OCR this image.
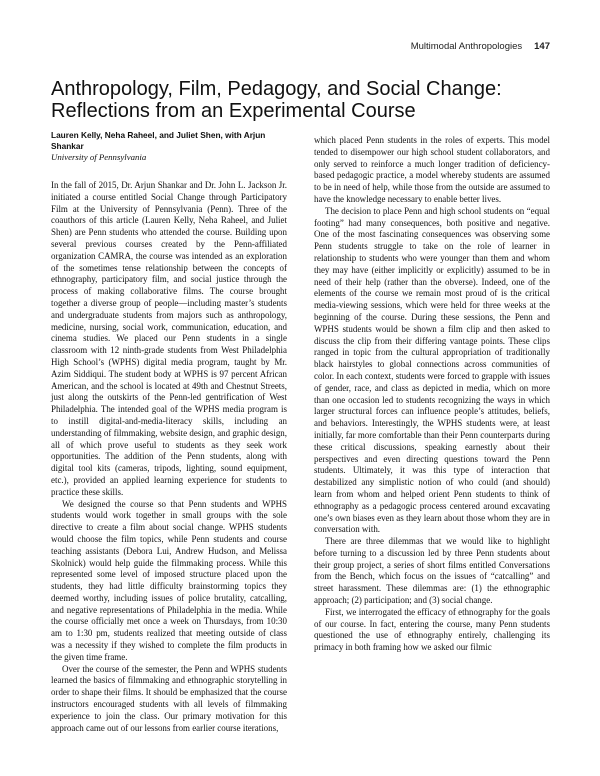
Multimodal Anthropologies 147
Anthropology, Film, Pedagogy, and Social Change: Reflections from an Experimental Course

Lauren Kelly, Neha Raheel, and Juliet Shen, with Arjun Shankar

University of Pennsylvania

In the fall of 2015, Dr. Arjun Shankar and Dr. John L. Jackson Jr. initiated a course entitled Social Change through Participatory Film at the University of Pennsylvania (Penn). Three of the coauthors of this article (Lauren Kelly, Neha Raheel, and Juliet Shen) are Penn students who attended the course. Building upon several previous courses created by the Penn-affiliated organization CAMRA, the course was intended as an exploration of the sometimes tense relationship between the concepts of ethnography, participatory film, and social justice through the process of making collaborative films. The course brought together a diverse group of people—including master’s students and undergraduate students from majors such as anthropology, medicine, nursing, social work, communication, education, and cinema studies. We placed our Penn students in a single classroom with 12 ninth-grade students from West Philadelphia High School’s (WPHS) digital media program, taught by Mr. Azim Siddiqui. The student body at WPHS is 97 percent African American, and the school is located at 49th and Chestnut Streets, just along the outskirts of the Penn-led gentrification of West Philadelphia. The intended goal of the WPHS media program is to instill digital-and-media-literacy skills, including an understanding of filmmaking, website design, and graphic design, all of which prove useful to students as they seek work opportunities. The addition of the Penn students, along with digital tool kits (cameras, tripods, lighting, sound equipment, etc.), provided an applied learning experience for students to practice these skills.

We designed the course so that Penn students and WPHS students would work together in small groups with the sole directive to create a film about social change. WPHS students would choose the film topics, while Penn students and course teaching assistants (Debora Lui, Andrew Hudson, and Melissa Skolnick) would help guide the filmmaking process. While this represented some level of imposed structure placed upon the students, they had little difficulty brainstorming topics they deemed worthy, including issues of police brutality, catcalling, and negative representations of Philadelphia in the media. While the course officially met once a week on Thursdays, from 10:30 am to 1:30 pm, students realized that meeting outside of class was a necessity if they wished to complete the film products in the given time frame.

Over the course of the semester, the Penn and WPHS students learned the basics of filmmaking and ethnographic storytelling in order to shape their films. It should be emphasized that the course instructors encouraged students with all levels of filmmaking experience to join the class. Our primary motivation for this approach came out of our lessons from earlier course iterations,

which placed Penn students in the roles of experts. This model tended to disempower our high school student collaborators, and only served to reinforce a much longer tradition of deficiency-based pedagogic practice, a model whereby students are assumed to be in need of help, while those from the outside are assumed to have the knowledge necessary to enable better lives.

The decision to place Penn and high school students on “equal footing” had many consequences, both positive and negative. One of the most fascinating consequences was observing some Penn students struggle to take on the role of learner in relationship to students who were younger than them and whom they may have (either implicitly or explicitly) assumed to be in need of their help (rather than the obverse). Indeed, one of the elements of the course we remain most proud of is the critical media-viewing sessions, which were held for three weeks at the beginning of the course. During these sessions, the Penn and WPHS students would be shown a film clip and then asked to discuss the clip from their differing vantage points. These clips ranged in topic from the cultural appropriation of traditionally black hairstyles to global connections across communities of color. In each context, students were forced to grapple with issues of gender, race, and class as depicted in media, which on more than one occasion led to students recognizing the ways in which larger structural forces can influence people’s attitudes, beliefs, and behaviors. Interestingly, the WPHS students were, at least initially, far more comfortable than their Penn counterparts during these critical discussions, speaking earnestly about their perspectives and even directing questions toward the Penn students. Ultimately, it was this type of interaction that destabilized any simplistic notion of who could (and should) learn from whom and helped orient Penn students to think of ethnography as a pedagogic process centered around excavating one’s own biases even as they learn about those whom they are in conversation with.

There are three dilemmas that we would like to highlight before turning to a discussion led by three Penn students about their group project, a series of short films entitled Conversations from the Bench, which focus on the issues of “catcalling” and street harassment. These dilemmas are: (1) the ethnographic approach; (2) participation; and (3) social change.

First, we interrogated the efficacy of ethnography for the goals of our course. In fact, entering the course, many Penn students questioned the use of ethnography entirely, challenging its primacy in both framing how we asked our filmic
